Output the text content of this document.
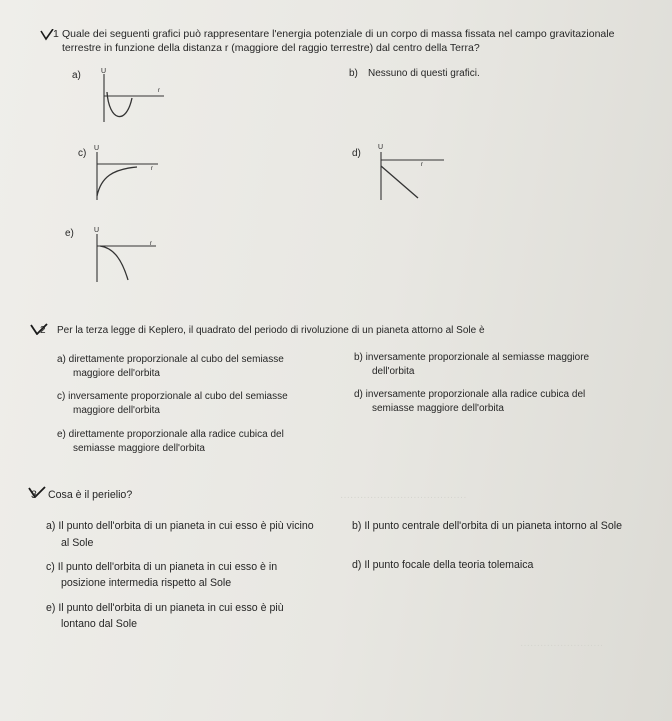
······································
·························
1 Quale dei seguenti grafici può rappresentare l'energia potenziale di un corpo di massa fissata nel campo gravitazionale
terrestre in funzione della distanza r (maggiore del raggio terrestre) dal centro della Terra?
a)	U
r
b) Nessuno di questi grafici.
c) U
r
d)
U
r
e)	U
r
2 Per la terza legge di Keplero, il quadrato del periodo di rivoluzione di un pianeta attorno al Sole è
a) direttamente proporzionale al cubo del semiasse
maggiore dell'orbita
b) inversamente proporzionale al semiasse maggiore
dell'orbita
c) inversamente proporzionale al cubo del semiasse
maggiore dell'orbita
d) inversamente proporzionale alla radice cubica del
semiasse maggiore dell'orbita
e) direttamente proporzionale alla radice cubica del
semiasse maggiore dell'orbita
3 Cosa è il perielio?
a) Il punto dell'orbita di un pianeta in cui esso è più vicino
al Sole
b) Il punto centrale dell'orbita di un pianeta intorno al Sole
c) Il punto dell'orbita di un pianeta in cui esso è in
posizione intermedia rispetto al Sole
d) Il punto focale della teoria tolemaica
e) Il punto dell'orbita di un pianeta in cui esso è più
lontano dal Sole
